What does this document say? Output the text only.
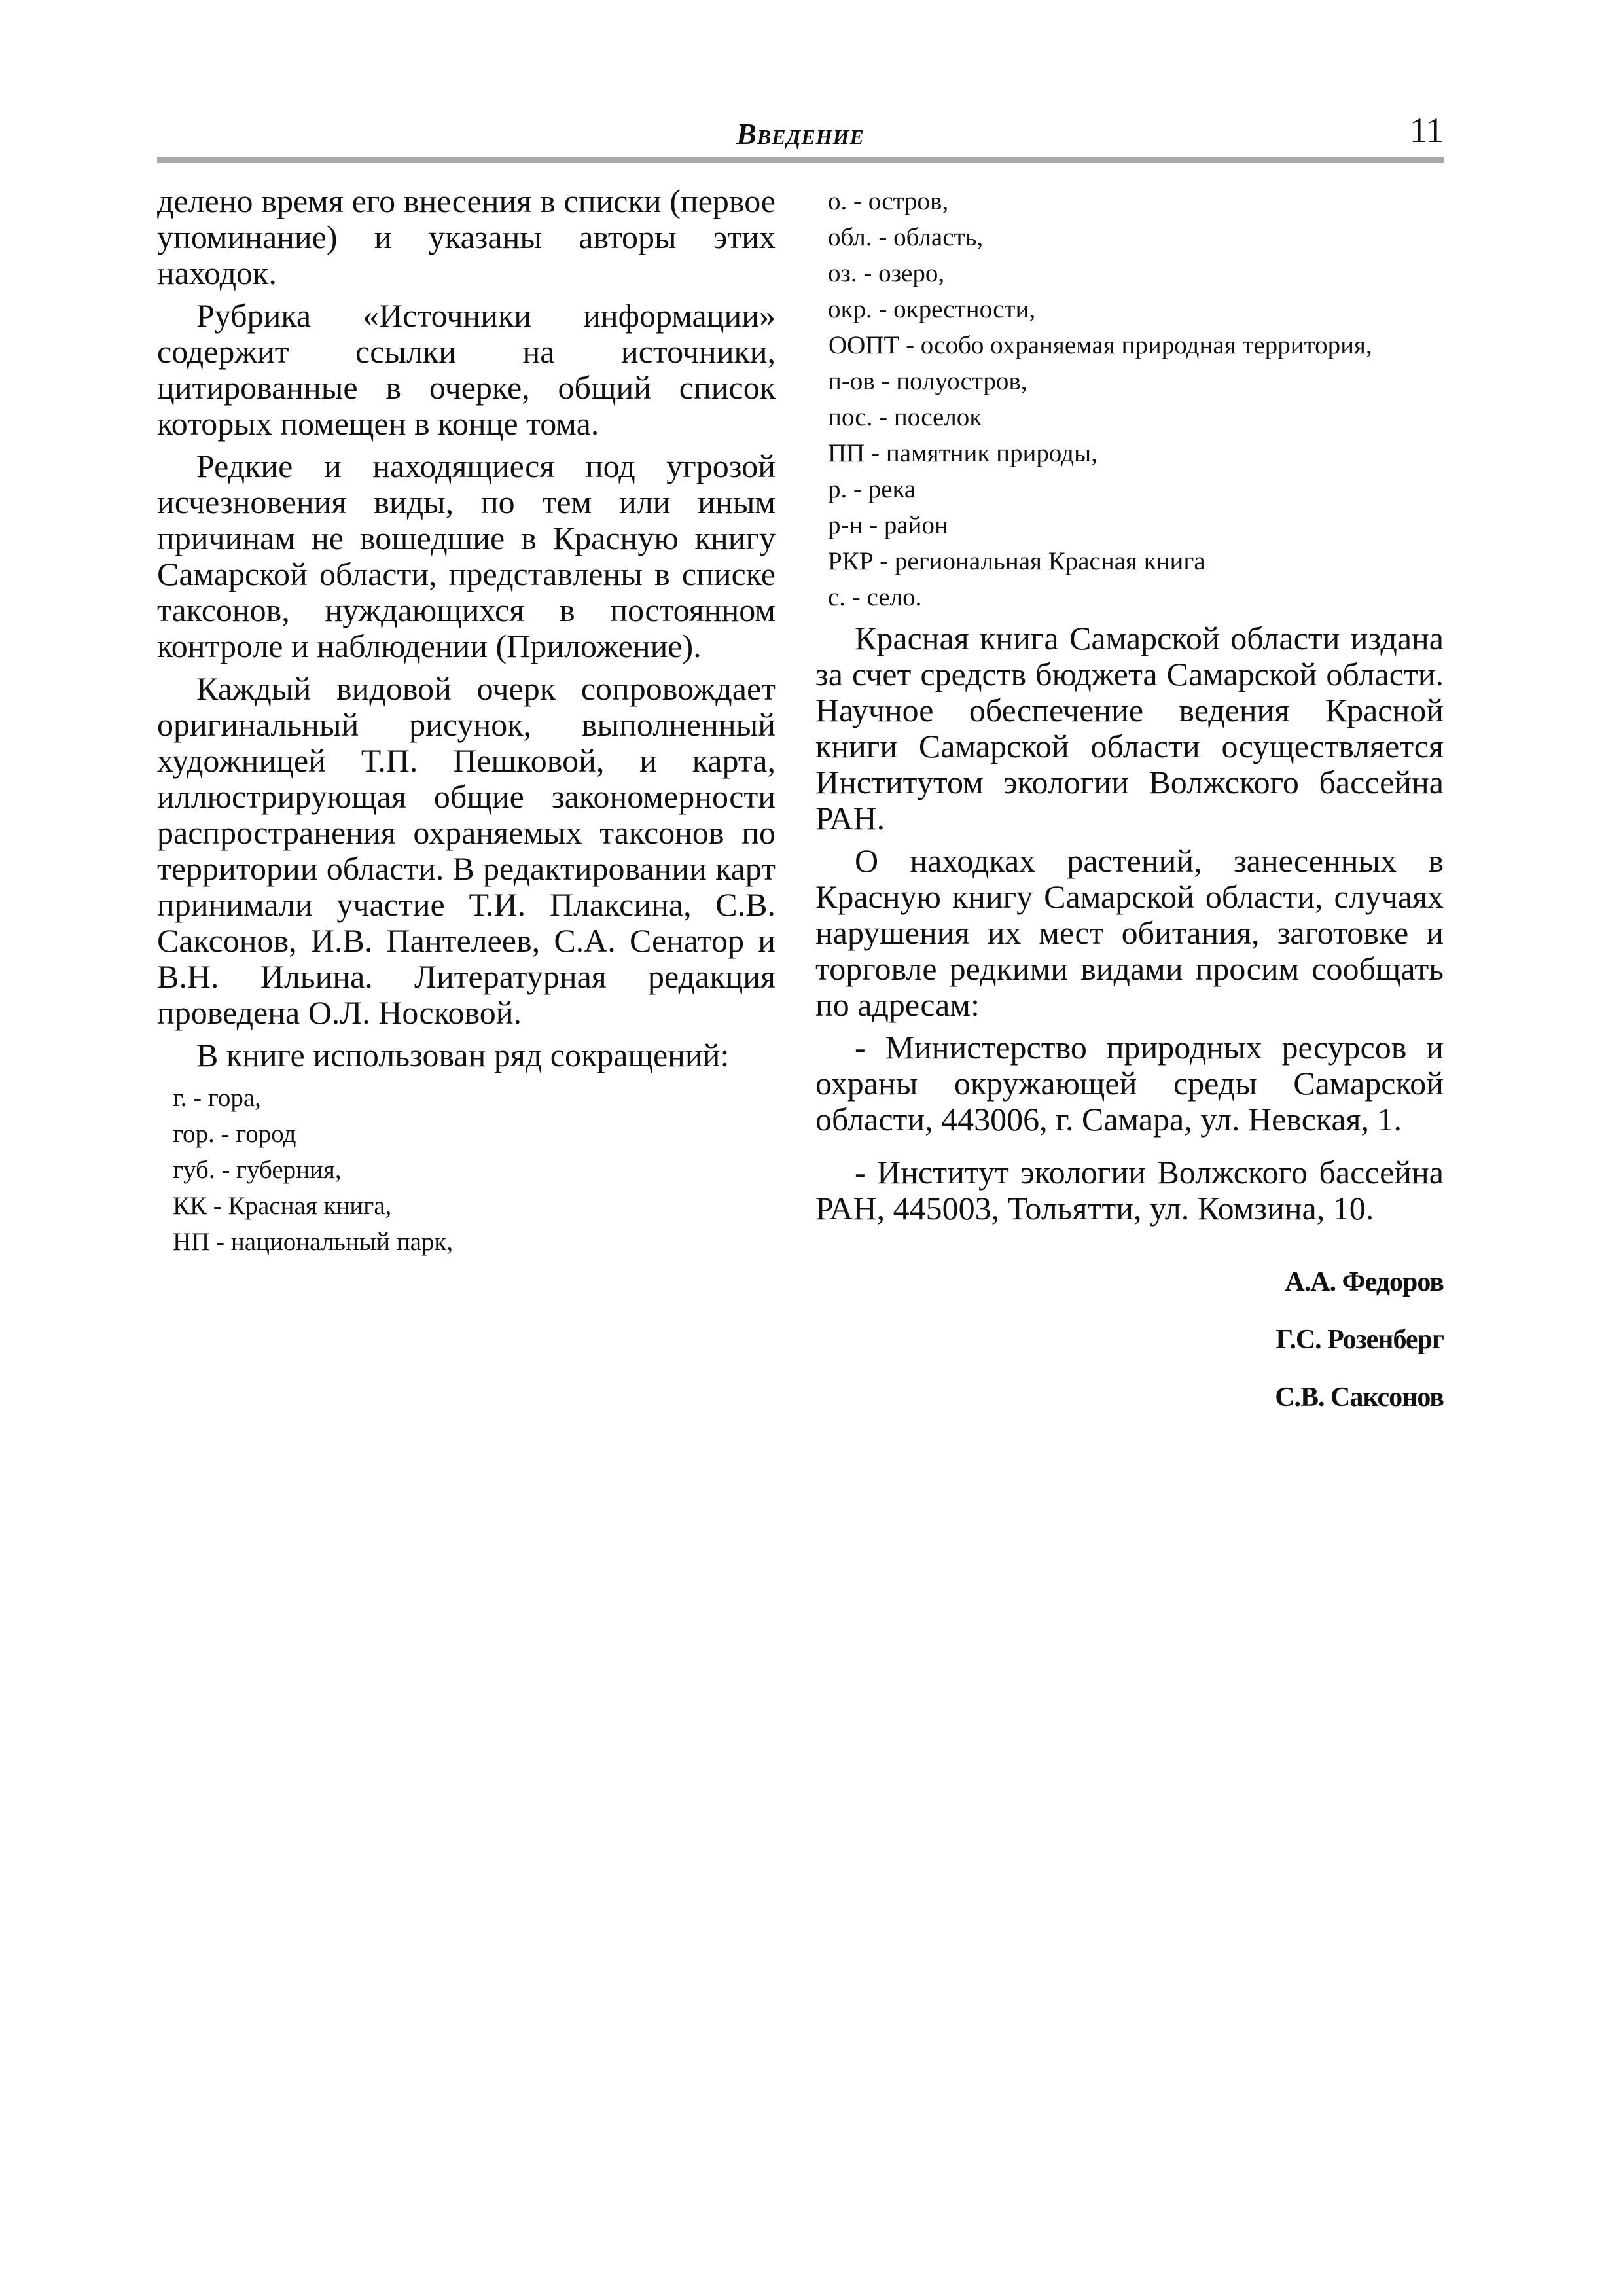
Введение	11

делено время его внесения в списки (первое упоминание) и указаны авторы этих находок.

Рубрика «Источники информации» содержит ссылки на источники, цитированные в очерке, общий список которых помещен в конце тома.

Редкие и находящиеся под угрозой исчезновения виды, по тем или иным причинам не вошедшие в Красную книгу Самарской области, представлены в списке таксонов, нуждающихся в постоянном контроле и наблюдении (Приложение).

Каждый видовой очерк сопровождает оригинальный рисунок, выполненный художницей Т.П. Пешковой, и карта, иллюстрирующая общие закономерности распространения охраняемых таксонов по территории области. В редактировании карт принимали участие Т.И. Плаксина, С.В. Саксонов, И.В. Пантелеев, С.А. Сенатор и В.Н. Ильина. Литературная редакция проведена О.Л. Носковой.

В книге использован ряд сокращений:

г. - гора,
гор. - город
губ. - губерния,
КК - Красная книга,
НП - национальный парк,
о. - остров,
обл. - область,
оз. - озеро,
окр. - окрестности,
ООПТ - особо охраняемая природная территория,
п-ов - полуостров,
пос. - поселок
ПП - памятник природы,
р. - река
р-н - район
РКР - региональная Красная книга
с. - село.

Красная книга Самарской области издана за счет средств бюджета Самарской области. Научное обеспечение ведения Красной книги Самарской области осуществляется Институтом экологии Волжского бассейна РАН.

О находках растений, занесенных в Красную книгу Самарской области, случаях нарушения их мест обитания, заготовке и торговле редкими видами просим сообщать по адресам:

- Министерство природных ресурсов и охраны окружающей среды Самарской области, 443006, г. Самара, ул. Невская, 1.

- Институт экологии Волжского бассейна РАН, 445003, Тольятти, ул. Комзина, 10.

А.А. Федоров
Г.С. Розенберг
С.В. Саксонов
